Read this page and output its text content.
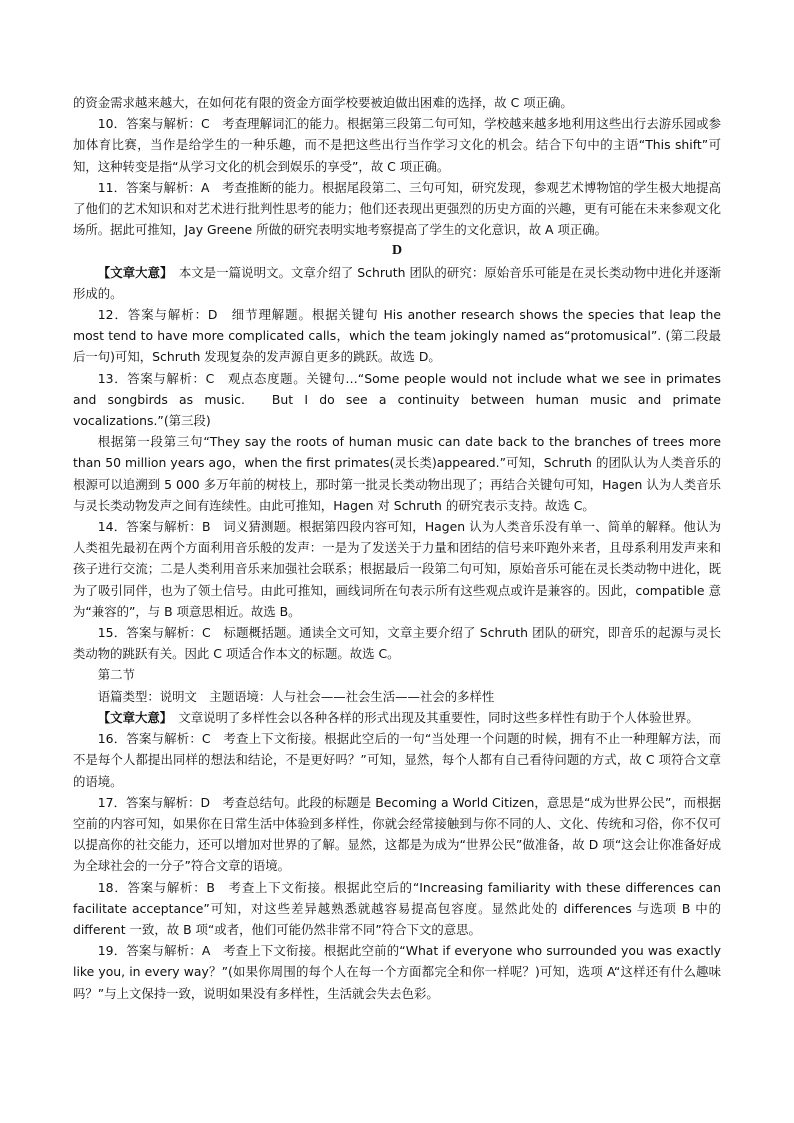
的资金需求越来越大，在如何花有限的资金方面学校要被迫做出困难的选择，故 C 项正确。

10．答案与解析：C　考查理解词汇的能力。根据第三段第二句可知，学校越来越多地利用这些出行去游乐园或参加体育比赛，当作是给学生的一种乐趣，而不是把这些出行当作学习文化的机会。结合下句中的主语“This shift”可知，这种转变是指“从学习文化的机会到娱乐的享受”，故 C 项正确。

11．答案与解析：A　考查推断的能力。根据尾段第二、三句可知，研究发现，参观艺术博物馆的学生极大地提高了他们的艺术知识和对艺术进行批判性思考的能力；他们还表现出更强烈的历史方面的兴趣，更有可能在未来参观文化场所。据此可推知，Jay Greene 所做的研究表明实地考察提高了学生的文化意识，故 A 项正确。

D

【文章大意】　本文是一篇说明文。文章介绍了 Schruth 团队的研究：原始音乐可能是在灵长类动物中进化并逐渐形成的。

12．答案与解析：D　细节理解题。根据关键句 His another research shows the species that leap the most tend to have more complicated calls，which the team jokingly named as“protomusical”. (第二段最后一句)可知，Schruth 发现复杂的发声源自更多的跳跃。故选 D。

13．答案与解析：C　观点态度题。关键句…“Some people would not include what we see in primates and songbirds as music.　But I do see a continuity between human music and primate vocalizations.”(第三段)

根据第一段第三句“They say the roots of human music can date back to the branches of trees more than 50 million years ago，when the first primates(灵长类)appeared.”可知，Schruth 的团队认为人类音乐的根源可以追溯到 5 000 多万年前的树枝上，那时第一批灵长类动物出现了；再结合关键句可知，Hagen 认为人类音乐与灵长类动物发声之间有连续性。由此可推知，Hagen 对 Schruth 的研究表示支持。故选 C。

14．答案与解析：B　词义猜测题。根据第四段内容可知，Hagen 认为人类音乐没有单一、简单的解释。他认为人类祖先最初在两个方面利用音乐般的发声：一是为了发送关于力量和团结的信号来吓跑外来者，且母系利用发声来和孩子进行交流；二是人类利用音乐来加强社会联系；根据最后一段第二句可知，原始音乐可能在灵长类动物中进化，既为了吸引同伴，也为了领土信号。由此可推知，画线词所在句表示所有这些观点或许是兼容的。因此，compatible 意为“兼容的”，与 B 项意思相近。故选 B。

15．答案与解析：C　标题概括题。通读全文可知，文章主要介绍了 Schruth 团队的研究，即音乐的起源与灵长类动物的跳跃有关。因此 C 项适合作本文的标题。故选 C。

第二节

语篇类型：说明文　主题语境：人与社会——社会生活——社会的多样性

【文章大意】　文章说明了多样性会以各种各样的形式出现及其重要性，同时这些多样性有助于个人体验世界。

16．答案与解析：C　考查上下文衔接。根据此空后的一句“当处理一个问题的时候，拥有不止一种理解方法，而不是每个人都提出同样的想法和结论，不是更好吗？”可知，显然，每个人都有自己看待问题的方式，故 C 项符合文章的语境。

17．答案与解析：D　考查总结句。此段的标题是 Becoming a World Citizen，意思是“成为世界公民”，而根据空前的内容可知，如果你在日常生活中体验到多样性，你就会经常接触到与你不同的人、文化、传统和习俗，你不仅可以提高你的社交能力，还可以增加对世界的了解。显然，这都是为成为“世界公民”做准备，故 D 项“这会让你准备好成为全球社会的一分子”符合文章的语境。

18．答案与解析：B　考查上下文衔接。根据此空后的“Increasing familiarity with these differences can facilitate acceptance”可知，对这些差异越熟悉就越容易提高包容度。显然此处的 differences 与选项 B 中的 different 一致，故 B 项“或者，他们可能仍然非常不同”符合下文的意思。

19．答案与解析：A　考查上下文衔接。根据此空前的“What if everyone who surrounded you was exactly like you, in every way？”(如果你周围的每个人在每一个方面都完全和你一样呢？)可知，选项 A“这样还有什么趣味吗？”与上文保持一致，说明如果没有多样性，生活就会失去色彩。
